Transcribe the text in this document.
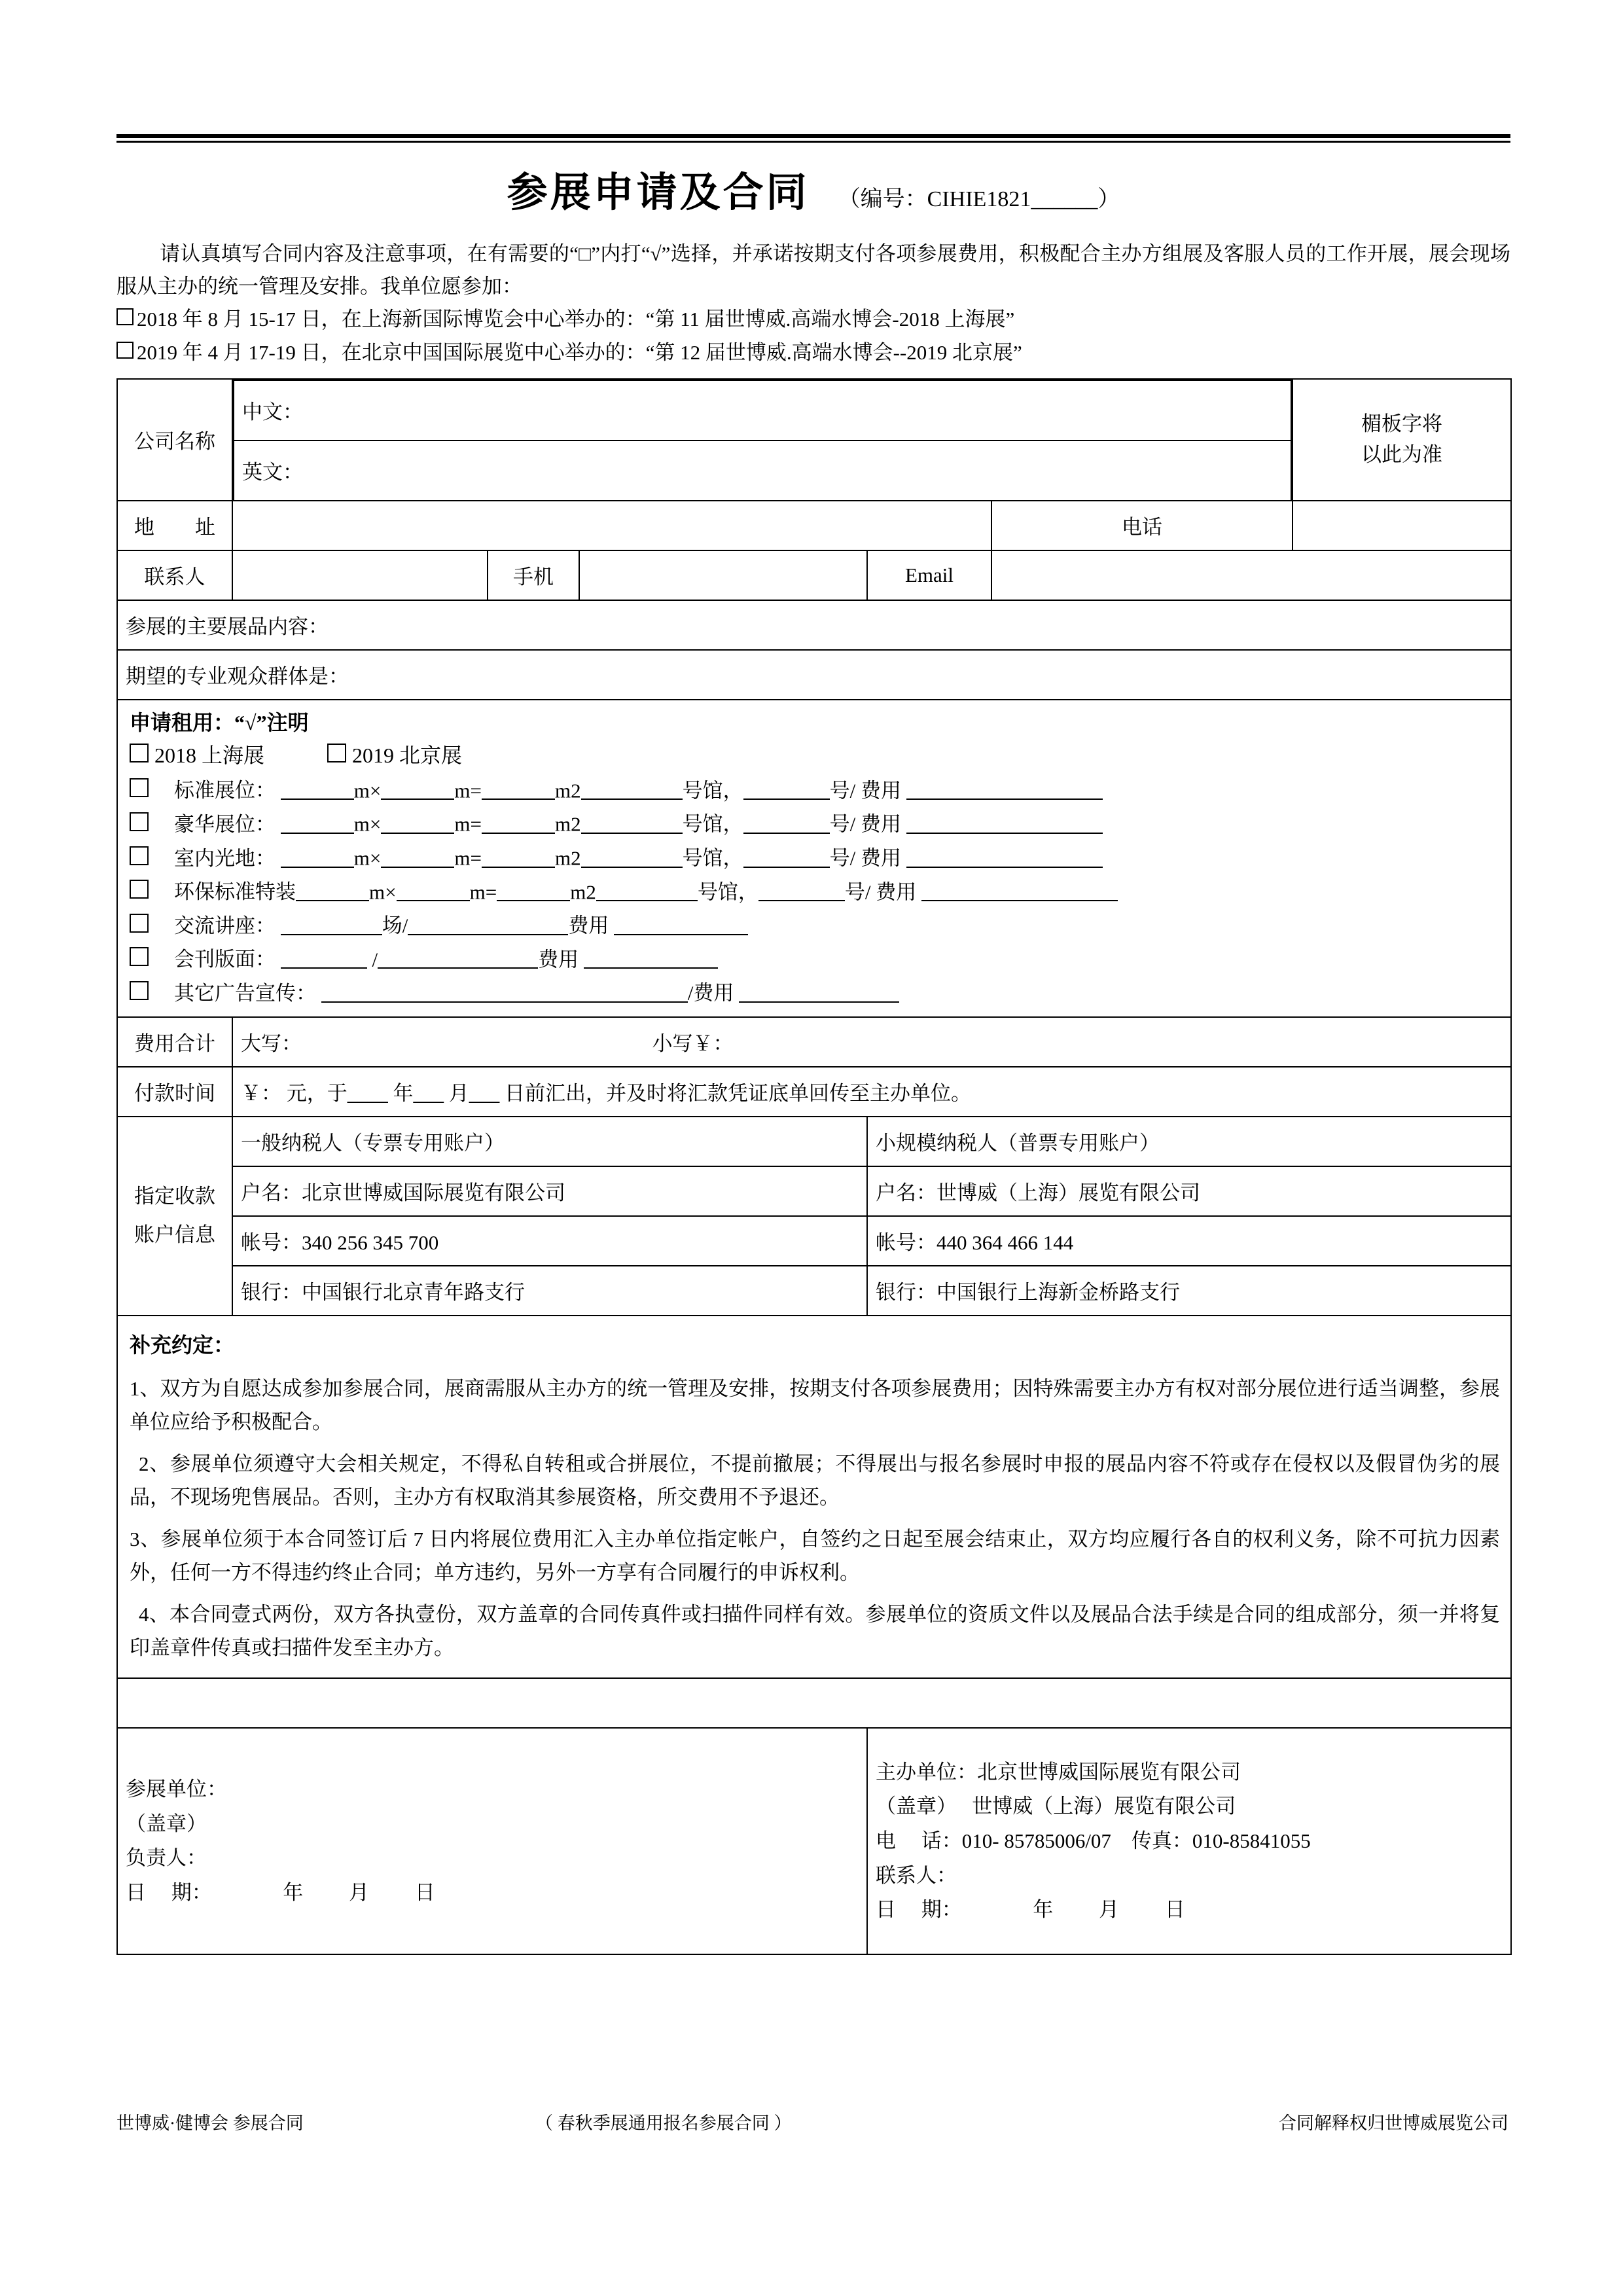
参展申请及合同 （编号：CIHIE1821______）

请认真填写合同内容及注意事项，在有需要的“□”内打“√”选择，并承诺按期支付各项参展费用，积极配合主办方组展及客服人员的工作开展，展会现场服从主办的统一管理及安排。我单位愿参加：

2018 年 8 月 15-17 日，在上海新国际博览会中心举办的：“第 11 届世博威.高端水博会-2018 上海展”

2019 年 4 月 17-19 日，在北京中国国际展览中心举办的：“第 12 届世博威.高端水博会--2019 北京展”

公司名称	
中文：
英文：

楣板字将
以此为准

地　　址		电话	
联系人		手机		Email	
参展的主要展品内容：
期望的专业观众群体是：

申请租用：“√”注明
2018 上海展	2019 北京展
标准展位：	m×	m=	m2	号馆，	号/ 费用
豪华展位：	m×	m=	m2	号馆，	号/ 费用
室内光地：	m×	m=	m2	号馆，	号/ 费用
环保标准特装	m×	m=	m2	号馆，	号/ 费用
交流讲座：	场/	费用
会刊版面：	/	费用
其它广告宣传：	/费用

费用合计	大写：	小写￥：
付款时间	￥： 元，于____ 年___ 月___ 日前汇出，并及时将汇款凭证底单回传至主办单位。

指定收款
账户信息
	一般纳税人（专票专用账户）	小规模纳税人（普票专用账户）
户名：北京世博威国际展览有限公司	户名：世博威（上海）展览有限公司
帐号：340 256 345 700	帐号：440 364 466 144
银行：中国银行北京青年路支行	银行：中国银行上海新金桥路支行

补充约定：

1、双方为自愿达成参加参展合同，展商需服从主办方的统一管理及安排，按期支付各项参展费用；因特殊需要主办方有权对部分展位进行适当调整，参展单位应给予积极配合。

2、参展单位须遵守大会相关规定，不得私自转租或合拼展位，不提前撤展；不得展出与报名参展时申报的展品内容不符或存在侵权以及假冒伪劣的展品，不现场兜售展品。否则，主办方有权取消其参展资格，所交费用不予退还。

3、参展单位须于本合同签订后 7 日内将展位费用汇入主办单位指定帐户，自签约之日起至展会结束止，双方均应履行各自的权利义务，除不可抗力因素外，任何一方不得违约终止合同；单方违约，另外一方享有合同履行的申诉权利。

4、本合同壹式两份，双方各执壹份，双方盖章的合同传真件或扫描件同样有效。参展单位的资质文件以及展品合法手续是合同的组成部分，须一并将复印盖章件传真或扫描件发至主办方。

参展单位：

（盖章）

负责人：

日　 期：　　　　年　　 月　　 日

主办单位：北京世博威国际展览有限公司

（盖章）　 世博威（上海）展览有限公司

电　 话：010- 85785006/07　传真：010-85841055

联系人：

日　 期：　　　　年　　 月　　 日

世博威·健博会 参展合同	（ 春秋季展通用报名参展合同 ）	合同解释权归世博威展览公司
